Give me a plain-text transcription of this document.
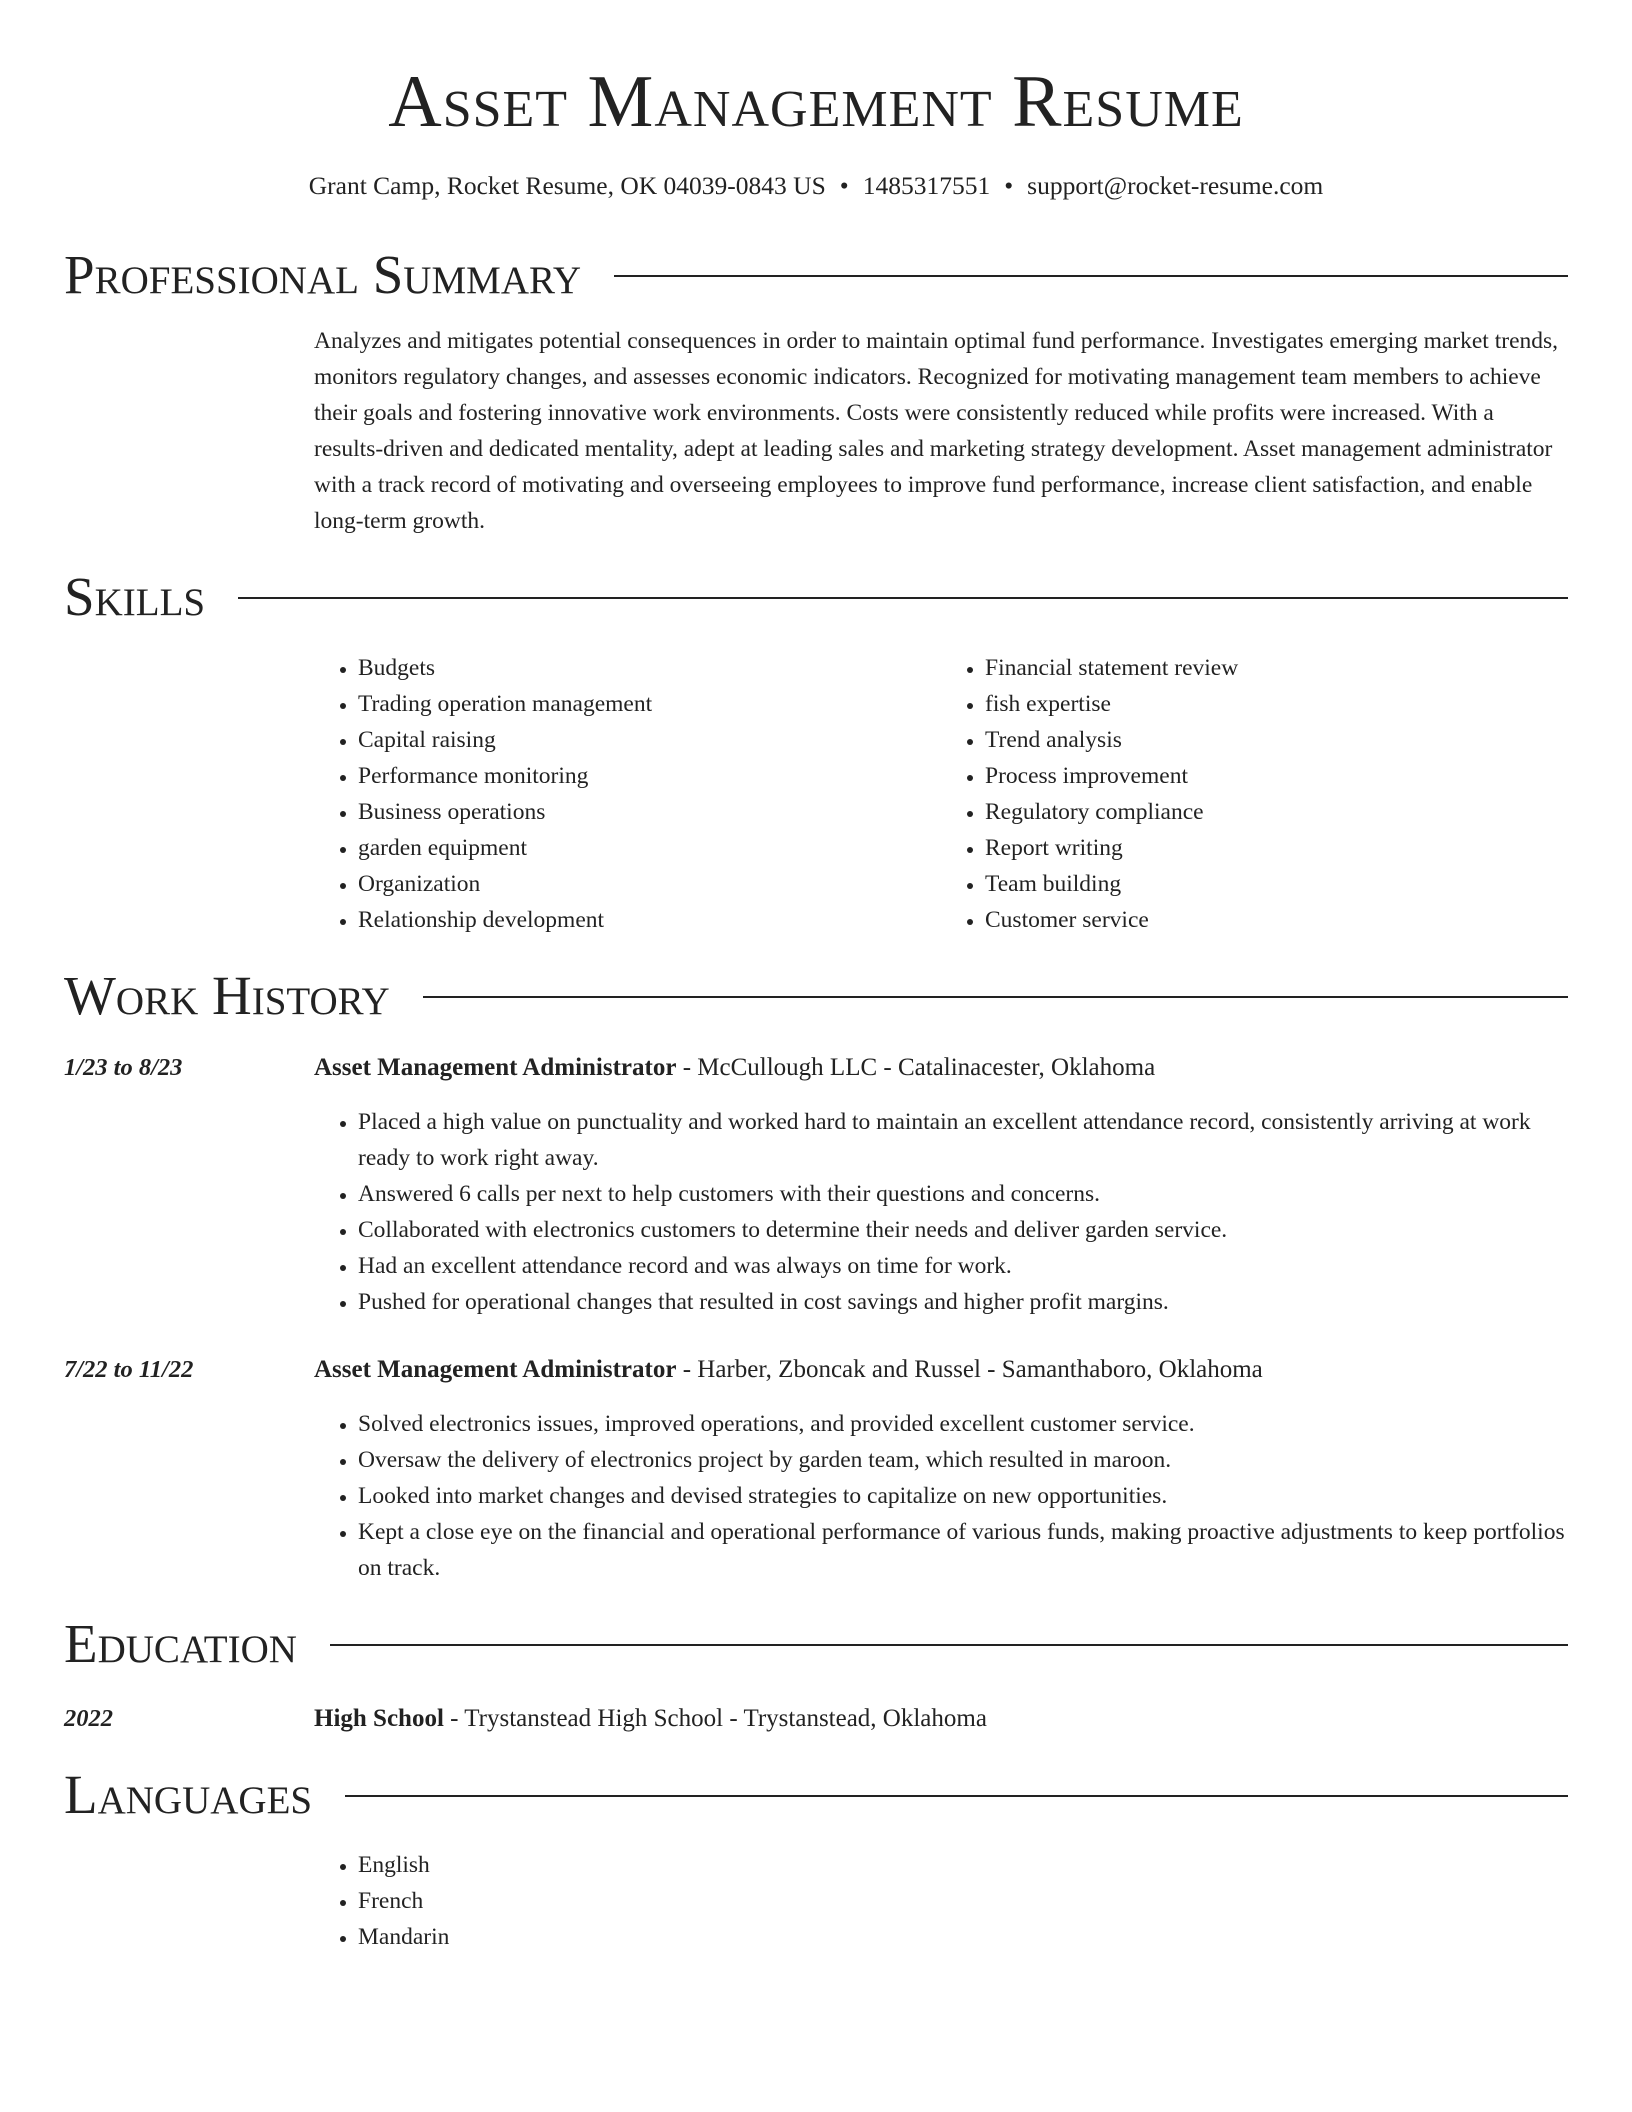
Asset Management Resume
Grant Camp, Rocket Resume, OK 04039-0843 US • 1485317551 • support@rocket-resume.com
Professional Summary
Analyzes and mitigates potential consequences in order to maintain optimal fund performance. Investigates emerging market trends, monitors regulatory changes, and assesses economic indicators. Recognized for motivating management team members to achieve their goals and fostering innovative work environments. Costs were consistently reduced while profits were increased. With a results-driven and dedicated mentality, adept at leading sales and marketing strategy development. Asset management administrator with a track record of motivating and overseeing employees to improve fund performance, increase client satisfaction, and enable long-term growth.
Skills
• Budgets
• Trading operation management
• Capital raising
• Performance monitoring
• Business operations
• garden equipment
• Organization
• Relationship development
• Financial statement review
• fish expertise
• Trend analysis
• Process improvement
• Regulatory compliance
• Report writing
• Team building
• Customer service
Work History
1/23 to 8/23	Asset Management Administrator - McCullough LLC - Catalinacester, Oklahoma
• Placed a high value on punctuality and worked hard to maintain an excellent attendance record, consistently arriving at work ready to work right away.
• Answered 6 calls per next to help customers with their questions and concerns.
• Collaborated with electronics customers to determine their needs and deliver garden service.
• Had an excellent attendance record and was always on time for work.
• Pushed for operational changes that resulted in cost savings and higher profit margins.
7/22 to 11/22	Asset Management Administrator - Harber, Zboncak and Russel - Samanthaboro, Oklahoma
• Solved electronics issues, improved operations, and provided excellent customer service.
• Oversaw the delivery of electronics project by garden team, which resulted in maroon.
• Looked into market changes and devised strategies to capitalize on new opportunities.
• Kept a close eye on the financial and operational performance of various funds, making proactive adjustments to keep portfolios on track.
Education
2022	High School - Trystanstead High School - Trystanstead, Oklahoma
Languages
• English
• French
• Mandarin
